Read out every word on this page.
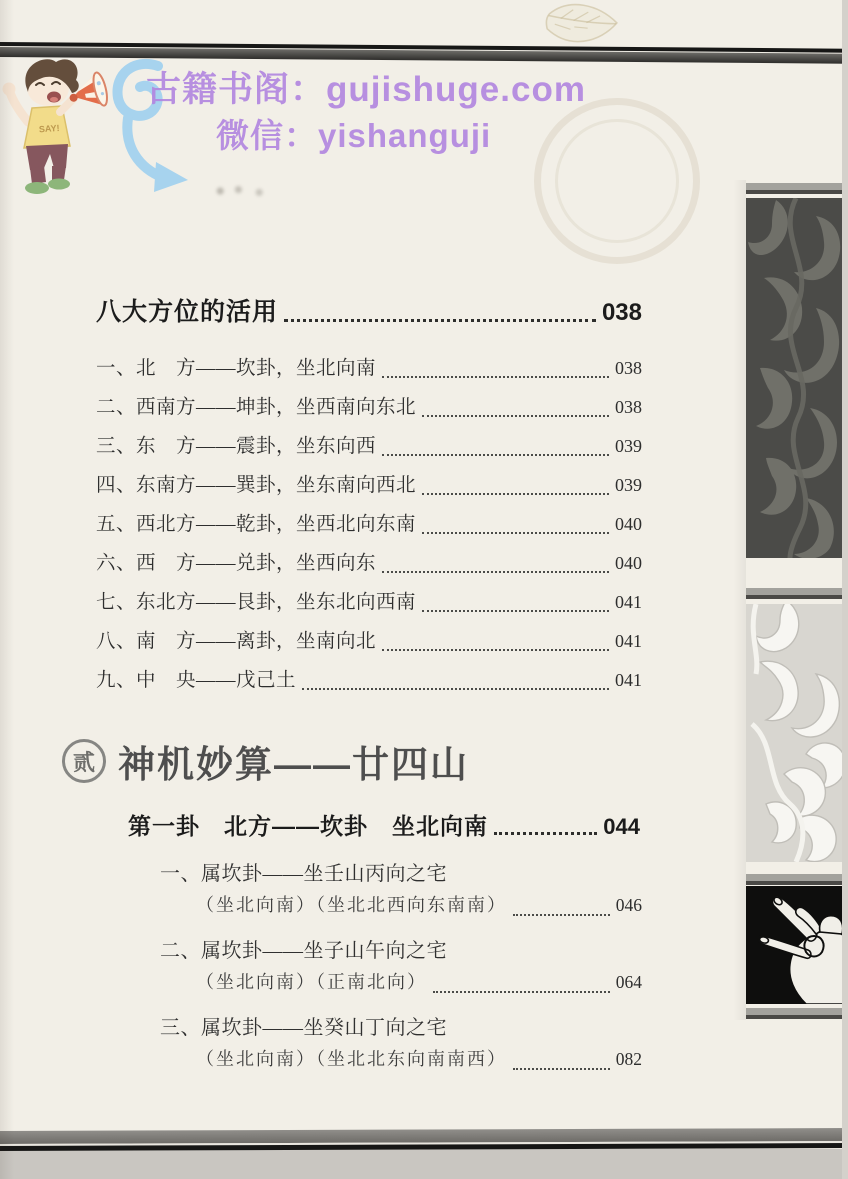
SAY!
古籍书阁：gujishuge.com
微信：yishanguji
八大方位的活用	038
一、北　方——坎卦，坐北向南	038
二、西南方——坤卦，坐西南向东北	038
三、东　方——震卦，坐东向西	039
四、东南方——巽卦，坐东南向西北	039
五、西北方——乾卦，坐西北向东南	040
六、西　方——兑卦，坐西向东	040
七、东北方——艮卦，坐东北向西南	041
八、南　方——离卦，坐南向北	041
九、中　央——戊己土	041
贰 神机妙算——廿四山
第一卦　北方——坎卦　坐北向南	044
一、属坎卦——坐壬山丙向之宅
（坐北向南）（坐北北西向东南南）	046
二、属坎卦——坐子山午向之宅
（坐北向南）（正南北向）	064
三、属坎卦——坐癸山丁向之宅
（坐北向南）（坐北北东向南南西）	082
